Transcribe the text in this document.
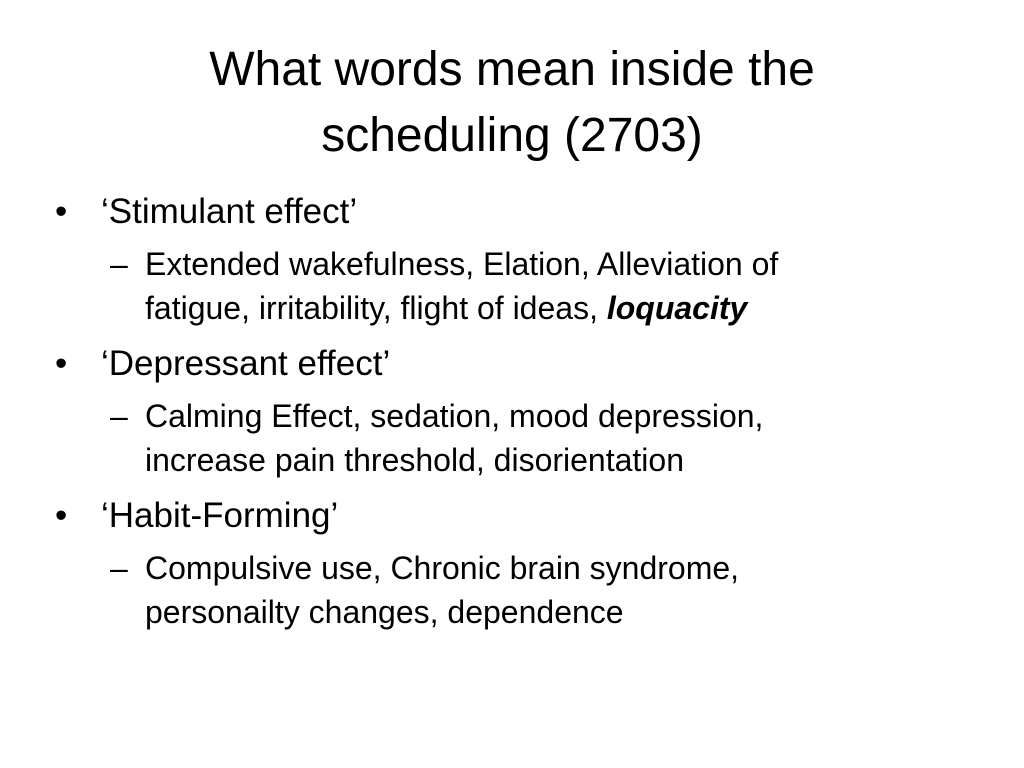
What words mean inside the
scheduling (2703)
• ‘Stimulant effect’
– Extended wakefulness, Elation, Alleviation of
fatigue, irritability, flight of ideas, loquacity
• ‘Depressant effect’
– Calming Effect, sedation, mood depression,
increase pain threshold, disorientation
• ‘Habit-Forming’
– Compulsive use, Chronic brain syndrome,
personailty changes, dependence
